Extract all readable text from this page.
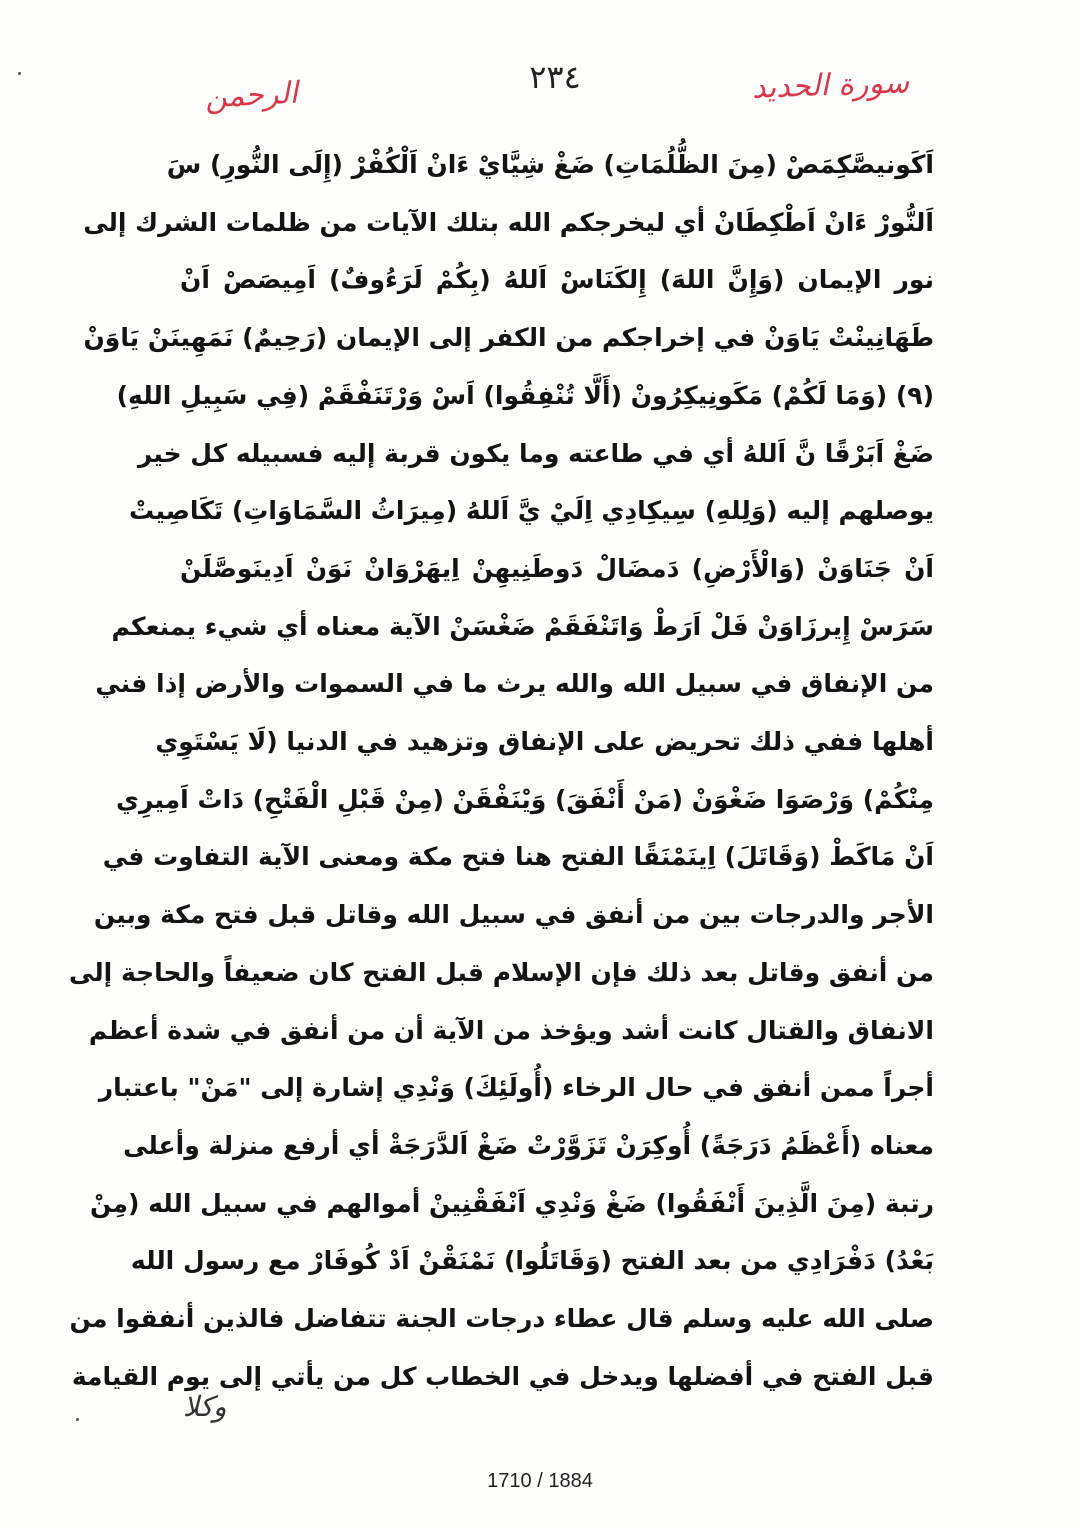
الرحمن	٢٣٤	سورة الحديد
اَكَونيصَّكِمَصْ (مِنَ الظُّلُمَاتِ) ضَغْ شِيَّايْ ءَانْ اَلْكُفْرْ (إِلَى النُّورِ) سَ
اَلنُّورْ ءَانْ اَطْكِطَانْ أي ليخرجكم الله بتلك الآيات من ظلمات الشرك إلى
نور الإيمان (وَإِنَّ اللهَ) إِلكَنَاسْ اَللهُ (بِكُمْ لَرَءُوفٌ) اَمِيصَصْ اَنْ
طَهَانِينْتْ يَاوَنْ في إخراجكم من الكفر إلى الإيمان (رَحِيمٌ) نَمَهِينَنْ يَاوَنْ
(٩) (وَمَا لَكُمْ) مَكَونِيكِرُونْ (أَلَّا تُنْفِقُوا) اَسْ وَرْتَنَفْقَمْ (فِي سَبِيلِ اللهِ)
ضَغْ اَبَرْقًا نَّ اَللهُ أي في طاعته وما يكون قربة إليه فسبيله كل خير
يوصلهم إليه (وَلِلهِ) سِيكِادِي اِلَيْ يَّ اَللهُ (مِيرَاثُ السَّمَاوَاتِ) تَكَاصِيتْ
اَنْ جَنَاوَنْ (وَالْأَرْضِ) دَمضَالْ دَوطَنِيهِنْ اِيهَرْوَانْ نَوَنْ اَدِينَوصَّلَنْ
سَرَسْ إِيرزَاوَنْ فَلْ اَرَطْ وَاتَنْفَقَمْ ضَغْسَنْ الآية معناه أي شيء يمنعكم
من الإنفاق في سبيل الله والله يرث ما في السموات والأرض إذا فني
أهلها ففي ذلك تحريض على الإنفاق وتزهيد في الدنيا (لَا يَسْتَوِي
مِنْكُمْ) وَرْصَوَا ضَغْوَنْ (مَنْ أَنْفَقَ) وَيْنَفْقَنْ (مِنْ قَبْلِ الْفَتْحِ) دَاتْ اَمِيرِي
اَنْ مَاكَطْ (وَقَاتَلَ) اِينَمْنَقًا الفتح هنا فتح مكة ومعنى الآية التفاوت في
الأجر والدرجات بين من أنفق في سبيل الله وقاتل قبل فتح مكة وبين
من أنفق وقاتل بعد ذلك فإن الإسلام قبل الفتح كان ضعيفاً والحاجة إلى
الانفاق والقتال كانت أشد ويؤخذ من الآية أن من أنفق في شدة أعظم
أجراً ممن أنفق في حال الرخاء (أُولَئِكَ) وَنْدِي إشارة إلى "مَنْ" باعتبار
معناه (أَعْظَمُ دَرَجَةً) أُوكِرَنْ تَزَوَّرْتْ ضَغْ اَلدَّرَجَةْ أي أرفع منزلة وأعلى
رتبة (مِنَ الَّذِينَ أَنْفَقُوا) ضَغْ وَنْدِي اَنْفَقْنِينْ أموالهم في سبيل الله (مِنْ
بَعْدُ) دَفْرَادِي من بعد الفتح (وَقَاتَلُوا) نَمْنَقْنْ اَدْ كُوفَارْ مع رسول الله
صلى الله عليه وسلم قال عطاء درجات الجنة تتفاضل فالذين أنفقوا من
قبل الفتح في أفضلها ويدخل في الخطاب كل من يأتي إلى يوم القيامة
وكلا
1710 / 1884
